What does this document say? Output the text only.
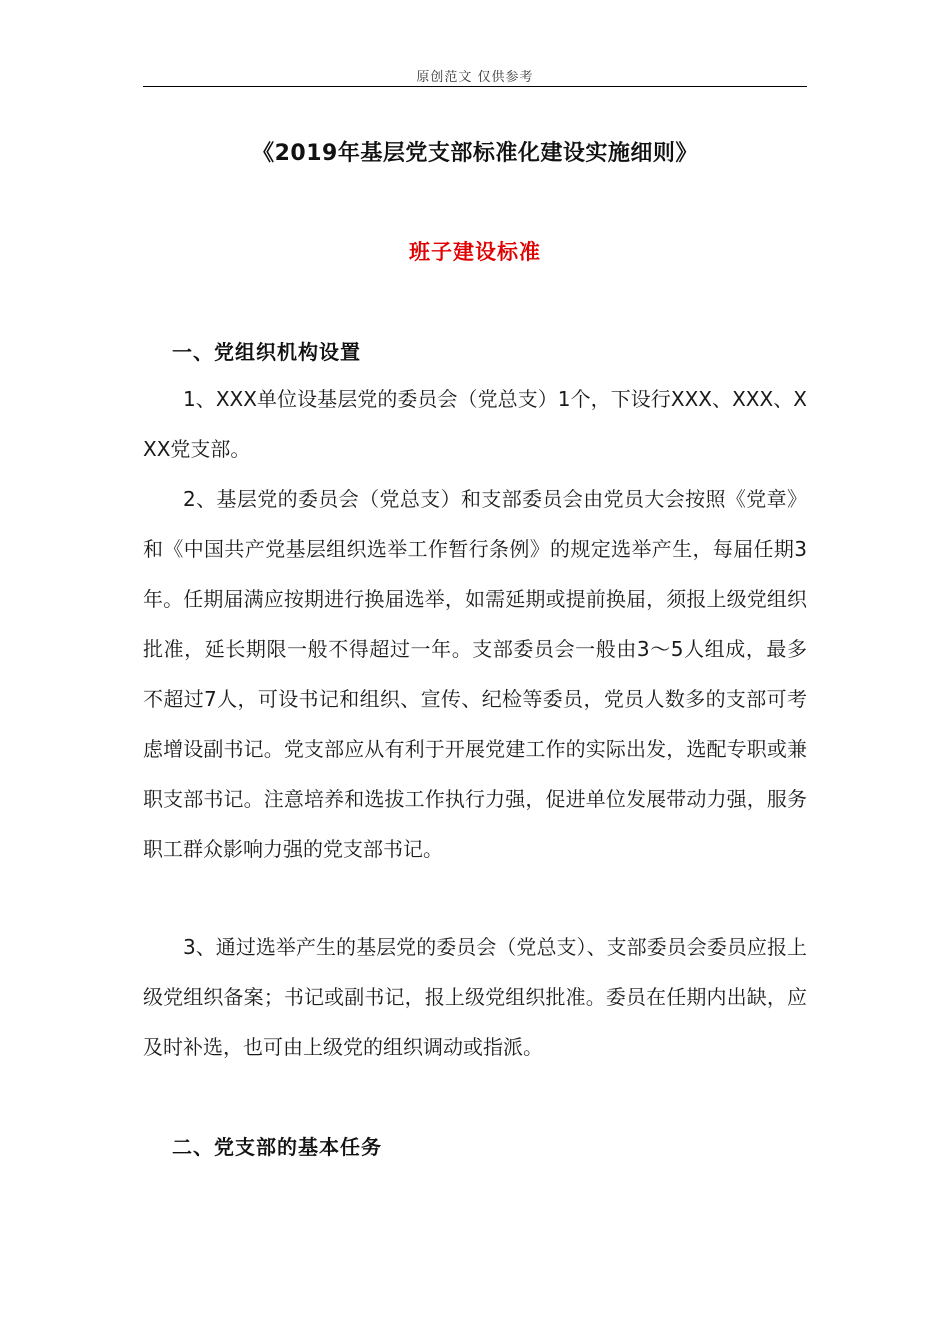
原创范文 仅供参考
《2019年基层党支部标准化建设实施细则》
班子建设标准
一、党组织机构设置

1、XXX单位设基层党的委员会（党总支）1个，下设行XXX、XXX、XXX党支部。

2、基层党的委员会（党总支）和支部委员会由党员大会按照《党章》和《中国共产党基层组织选举工作暂行条例》的规定选举产生，每届任期3年。任期届满应按期进行换届选举，如需延期或提前换届，须报上级党组织批准，延长期限一般不得超过一年。支部委员会一般由3～5人组成，最多不超过7人，可设书记和组织、宣传、纪检等委员，党员人数多的支部可考虑增设副书记。党支部应从有利于开展党建工作的实际出发，选配专职或兼职支部书记。注意培养和选拔工作执行力强，促进单位发展带动力强，服务职工群众影响力强的党支部书记。

3、通过选举产生的基层党的委员会（党总支）、支部委员会委员应报上级党组织备案；书记或副书记，报上级党组织批准。委员在任期内出缺，应及时补选，也可由上级党的组织调动或指派。

二、党支部的基本任务
